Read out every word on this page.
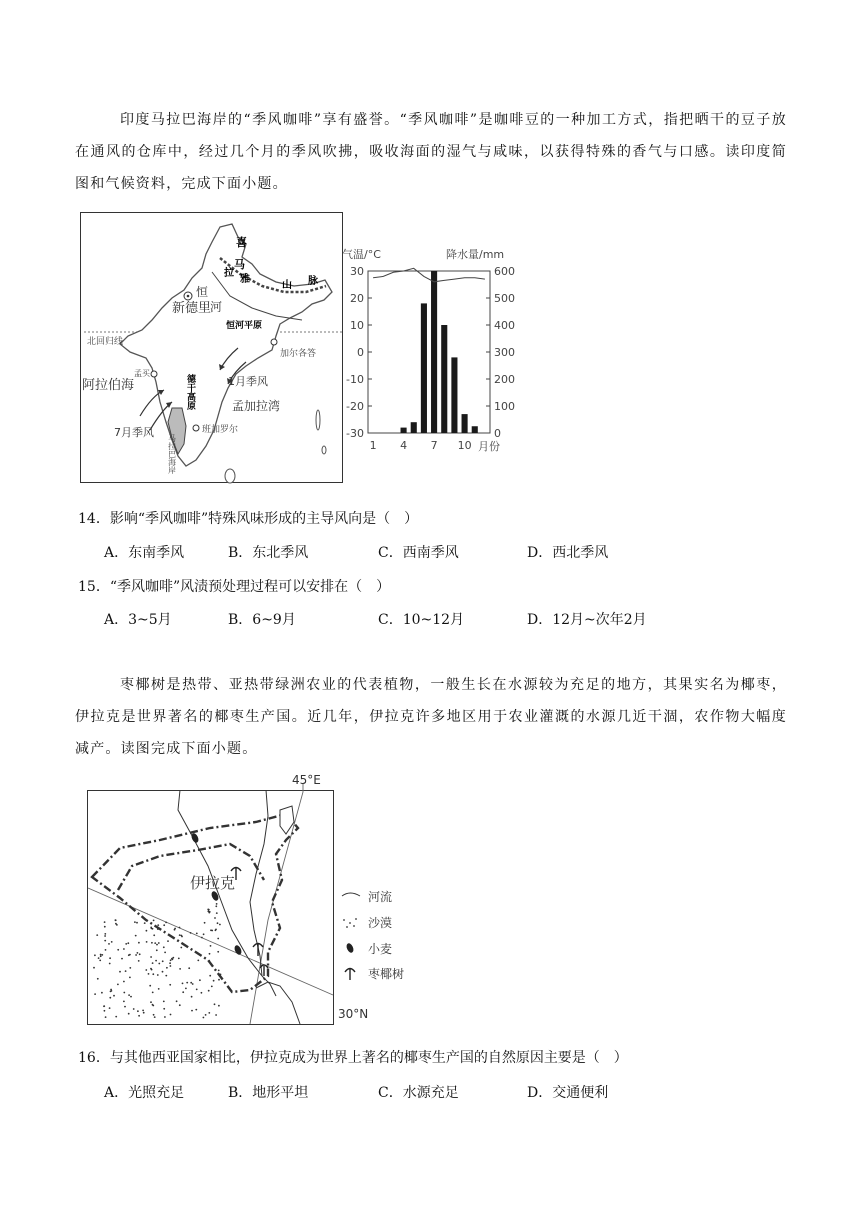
印度马拉巴海岸的“季风咖啡”享有盛誉。“季风咖啡”是咖啡豆的一种加工方式，指把晒干的豆子放在通风的仓库中，经过几个月的季风吹拂，吸收海面的湿气与咸味，以获得特殊的香气与口感。读印度简图和气候资料，完成下面小题。
喜
马
拉
雅
山 脉
恒
新德里
河
恒河平原
北回归线
加尔各答
孟买
阿拉伯海	德干高原	1月季风
孟加拉湾
7月季风	班加罗尔
马拉巴海岸
气温/°C	降水量/mm
30
20
10
0
-10
-20
-30
600
500
400
300
200
100
0
1 4 7 10 月份
14．影响“季风咖啡”特殊风味形成的主导风向是（　）
A．东南季风	B．东北季风	C．西南季风	D．西北季风
15．“季风咖啡”风渍预处理过程可以安排在（　）
A．3~5月	B．6~9月	C．10~12月	D．12月~次年2月
枣椰树是热带、亚热带绿洲农业的代表植物，一般生长在水源较为充足的地方，其果实名为椰枣，伊拉克是世界著名的椰枣生产国。近几年，伊拉克许多地区用于农业灌溉的水源几近干涸，农作物大幅度减产。读图完成下面小题。
45°E
伊拉克
30°N
河流
沙漠
小麦
枣椰树
16．与其他西亚国家相比，伊拉克成为世界上著名的椰枣生产国的自然原因主要是（　）
A．光照充足	B．地形平坦	C．水源充足	D．交通便利
